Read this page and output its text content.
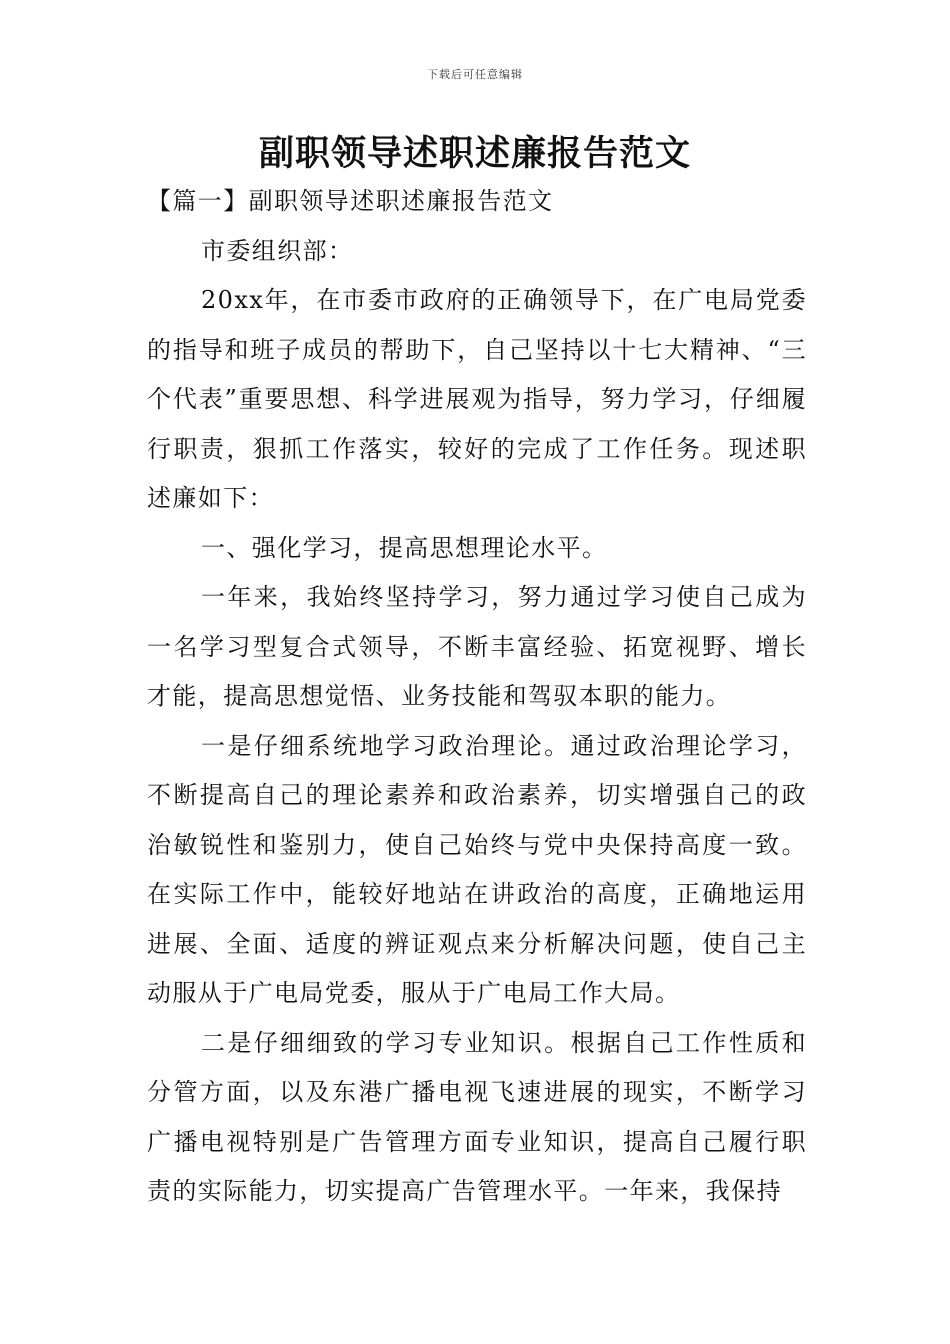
下载后可任意编辑
副职领导述职述廉报告范文

【篇一】副职领导述职述廉报告范文

市委组织部：

20xx年，在市委市政府的正确领导下，在广电局党委的指导和班子成员的帮助下，自己坚持以十七大精神、“三个代表”重要思想、科学进展观为指导，努力学习，仔细履行职责，狠抓工作落实，较好的完成了工作任务。现述职述廉如下：

一、强化学习，提高思想理论水平。

一年来，我始终坚持学习，努力通过学习使自己成为一名学习型复合式领导，不断丰富经验、拓宽视野、增长才能，提高思想觉悟、业务技能和驾驭本职的能力。

一是仔细系统地学习政治理论。通过政治理论学习，不断提高自己的理论素养和政治素养，切实增强自己的政治敏锐性和鉴别力，使自己始终与党中央保持高度一致。在实际工作中，能较好地站在讲政治的高度，正确地运用进展、全面、适度的辨证观点来分析解决问题，使自己主动服从于广电局党委，服从于广电局工作大局。

二是仔细细致的学习专业知识。根据自己工作性质和分管方面，以及东港广播电视飞速进展的现实，不断学习广播电视特别是广告管理方面专业知识，提高自己履行职责的实际能力，切实提高广告管理水平。一年来，我保持
